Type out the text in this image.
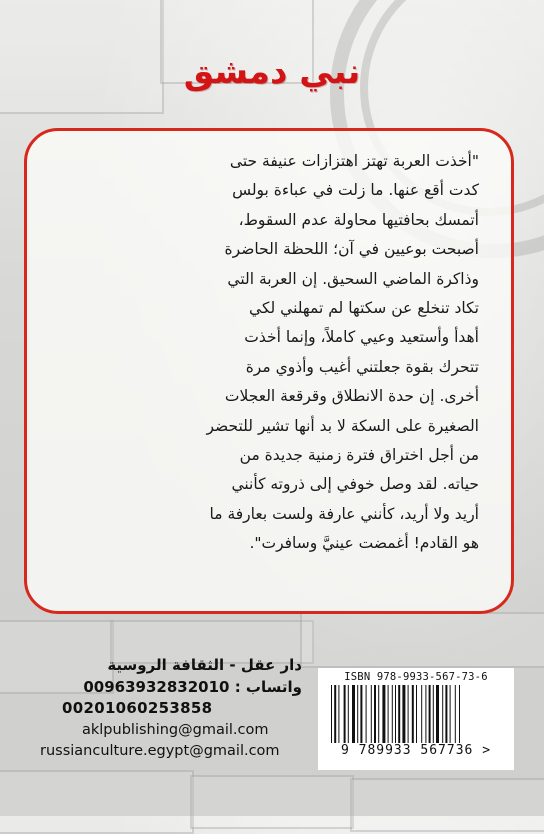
نبي دمشق
"أخذت العربة تهتز اهتزازات عنيفة حتى
كدت أقع عنها. ما زلت في عباءة بولس
أتمسك بحافتيها محاولة عدم السقوط،
أصبحت بوعيين في آن؛ اللحظة الحاضرة
وذاكرة الماضي السحيق. إن العربة التي
تكاد تنخلع عن سكتها لم تمهلني لكي
أهدأ وأستعيد وعيي كاملاً، وإنما أخذت
تتحرك بقوة جعلتني أغيب وأذوي مرة
أخرى. إن حدة الانطلاق وقرقعة العجلات
الصغيرة على السكة لا بد أنها تشير للتحضر
من أجل اختراق فترة زمنية جديدة من
حياته. لقد وصل خوفي إلى ذروته كأنني
أريد ولا أريد، كأنني عارفة ولست بعارفة ما
هو القادم! أغمضت عينيَّ وسافرت".
دار عقل - الثقافة الروسية
واتساب : 00963932832010
00201060253858
aklpublishing@gmail.com
russianculture.egypt@gmail.com
ISBN 978-9933-567-73-6
9 789933 567736 >
